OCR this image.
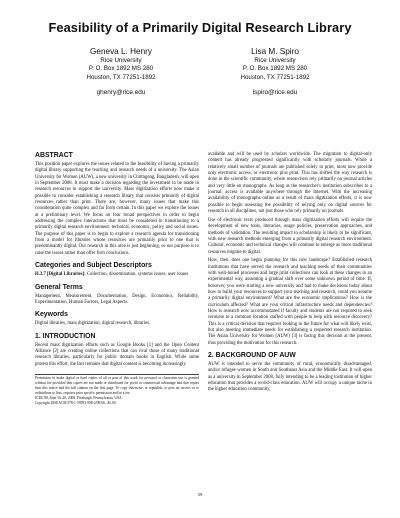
Feasibility of a Primarily Digital Research Library
Geneva L. Henry
Rice University
P. O. Box 1892 MS 280
Houston, TX 77251-1892
ghenry@rice.edu
Lisa M. Spiro
Rice University
P. O. Box 1892 MS 280
Houston, TX 77251-1892
lspiro@rice.edu
ABSTRACT

This position paper explores the issues related to the feasibility of having a primarily digital library supporting the teaching and research needs of a university. The Asian University for Women (AUW), a new university in Chittagong, Bangladesh, will open in September 2008. It must make a decision regarding the investment to be made in research resources to support the university. Mass digitization efforts now make it possible to consider establishing a research library that consists primarily of digital resources rather than print. There are, however, many issues that make this consideration quite complex and far from certain. In this paper we explore the issues at a preliminary level. We focus on four broad perspectives in order to begin addressing the complex interactions that must be considered in transitioning to a primarily digital research environment: technical, economic, policy and social issues. The purpose of this paper is to begin to explore a research agenda for transitioning from a model for libraries whose resources are primarily print to one that is predominantly digital. Our research in this area is just beginning, so our purpose is to raise the issues rather than offer firm conclusions.

Categories and Subject Descriptors

H.3.7 [Digital Libraries]: Collection, dissemination, systems issues, user issues

General Terms

Management, Measurement, Documentation, Design, Economics, Reliability, Experimentation, Human Factors, Legal Aspects.

Keywords

Digital libraries, mass digitization, digital research, libraries.

1. INTRODUCTION

Recent mass digitization efforts such as Google Books [1] and the Open Content Alliance [2] are creating online collections that can rival those of many traditional research libraries, particularly for public domain books in English. While some protest this effort, the fact remains that digital content is becoming increasingly

Permission to make digital or hard copies of all or part of this work for personal or classroom use is granted without fee provided that copies are not made or distributed for profit or commercial advantage and that copies bear this notice and the full citation on the first page. To copy otherwise, or republish, to post on servers or to redistribute to lists, requires prior specific permission and/or a fee.
JCDL'08, June 16–20, 2008, Pittsburgh, Pennsylvania, USA.
Copyright 2008 ACM 978-1-59593-998-2/08/06...$5.00.

available and will be used by scholars worldwide. The migration to digital-only content has already progressed significantly with scholarly journals. While a relatively small number of journals are published solely in print, most now provide only electronic access, or electronic plus print. This has shifted the way research is done in the scientific community, where researchers rely primarily on journal articles and very little on monographs. As long as the researcher's institution subscribes to a journal, access is available anywhere through the Internet. With the increasing availability of monographs online as a result of mass digitization efforts, it is now possible to begin assessing the possibility of relying only on digital sources for research in all disciplines, not just those who rely primarily on journals.

Use of electronic texts produced through mass digitization efforts will require the development of new tools, literacies, usage policies, preservation approaches, and methods of validation. The resulting impact to scholarship is likely to be significant, with new research methods emerging from a primarily digital research environment. Cultural, economic and technical changes will continue to emerge as more traditional resources migrate to digital.

How, then, does one begin planning for this new landscape? Established research institutions that have served the research and teaching needs of their communities with well-honed processes and large print collections can look at these changes in an experimental way, assuming a gradual shift over some unknown period of time. If, however, you were starting a new university and had to make decisions today about how to build your resources to support your teaching and research, could you assume a primarily digital environment? What are the economic implications? How is the curriculum affected? What are your critical infrastructure needs and dependencies? How is research now accommodated if faculty and students are not required to seek recourse to a common location staffed with people to help with resource discovery? This is a critical decision that requires looking to the future for what will likely exist, but also meeting immediate needs for establishing a respected research institution. The Asian University for Women (AUW) [3] is facing this decision at the present, thus providing the motivation for this research.

2. BACKGROUND OF AUW

AUW is intended to serve the community of rural, economically disadvantaged, and/or refugee women in South and Southeast Asia and the Middle East. It will open as a university in September 2008, fully intending to be a leading institution of higher education that provides a world-class education. AUW will occupy a unique niche in the higher education community,

59
